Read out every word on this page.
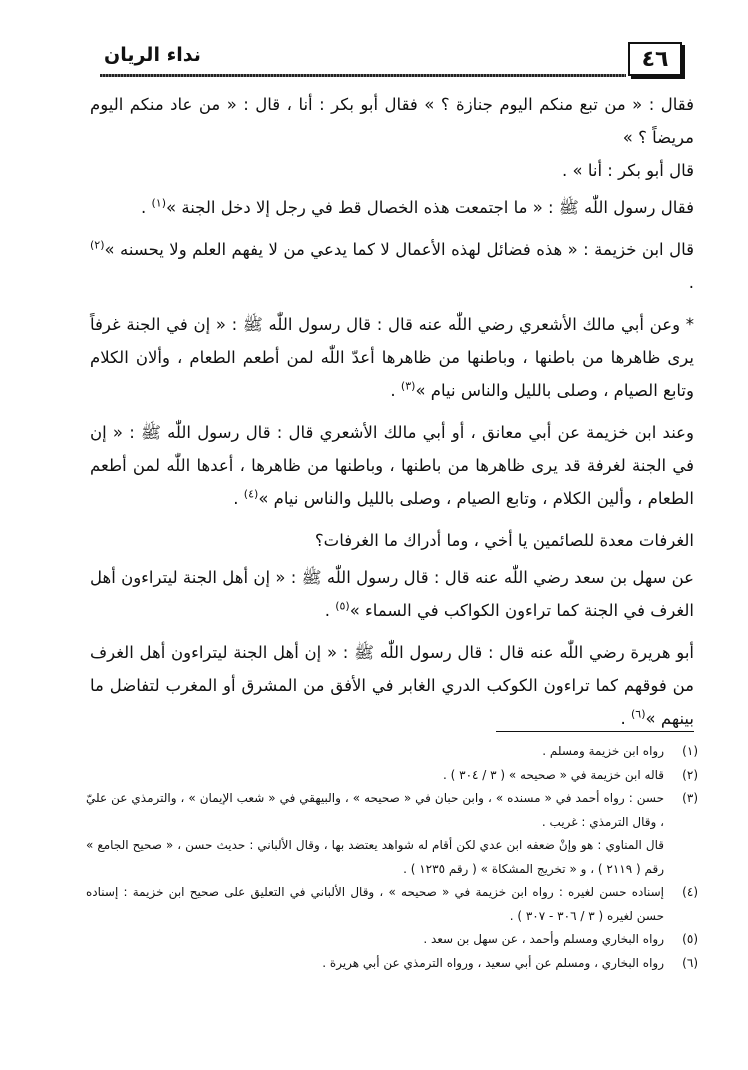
نداء الريان	٤٦

فقال : « من تبع منكم اليوم جنازة ؟ » فقال أبو بكر : أنا ، قال : « من عاد منكم اليوم مريضاً ؟ »
قال أبو بكر : أنا » .

فقال رسول اللّٰه ﷺ : « ما اجتمعت هذه الخصال قط في رجل إلا دخل الجنة »$^{(١)}$ .

قال ابن خزيمة : « هذه فضائل لهذه الأعمال لا كما يدعي من لا يفهم العلم ولا يحسنه »$^{(٢)}$ .

* وعن أبي مالك الأشعري رضي اللّٰه عنه قال : قال رسول اللّٰه ﷺ : « إن في الجنة غرفاً يرى ظاهرها من باطنها ، وباطنها من ظاهرها أعدّ اللّٰه لمن أطعم الطعام ، وألان الكلام وتابع الصيام ، وصلى بالليل والناس نيام »$^{(٣)}$ .

وعند ابن خزيمة عن أبي معانق ، أو أبي مالك الأشعري قال : قال رسول اللّٰه ﷺ : « إن في الجنة لغرفة قد يرى ظاهرها من باطنها ، وباطنها من ظاهرها ، أعدها اللّٰه لمن أطعم الطعام ، وألين الكلام ، وتابع الصيام ، وصلى بالليل والناس نيام »$^{(٤)}$ .

الغرفات معدة للصائمين يا أخي ، وما أدراك ما الغرفات؟

عن سهل بن سعد رضي اللّٰه عنه قال : قال رسول اللّٰه ﷺ : « إن أهل الجنة ليتراءون أهل الغرف في الجنة كما تراءون الكواكب في السماء »$^{(٥)}$ .

أبو هريرة رضي اللّٰه عنه قال : قال رسول اللّٰه ﷺ : « إن أهل الجنة ليتراءون أهل الغرف من فوقهم كما تراءون الكوكب الدري الغابر في الأفق من المشرق أو المغرب لتفاضل ما بينهم »$^{(٦)}$ .

(١)
رواه ابن خزيمة ومسلم .
(٢)
قاله ابن خزيمة في « صحيحه » ( ٣ / ٣٠٤ ) .
(٣)
حسن : رواه أحمد في « مسنده » ، وابن حبان في « صحيحه » ، والبيهقي في « شعب الإيمان » ، والترمذي عن عليّ ، وقال الترمذي : غريب .
قال المناوي : هو وإنْ ضعفه ابن عدي لكن أقام له شواهد يعتضد بها ، وقال الألباني : حديث حسن ، « صحيح الجامع » رقم ( ٢١١٩ ) ، و « تخريج المشكاة » ( رقم ١٢٣٥ ) .
(٤)
إسناده حسن لغيره : رواه ابن خزيمة في « صحيحه » ، وقال الألباني في التعليق على صحيح ابن خزيمة : إسناده حسن لغيره ( ٣ / ٣٠٦ - ٣٠٧ ) .
(٥)
رواه البخاري ومسلم وأحمد ، عن سهل بن سعد .
(٦)
رواه البخاري ، ومسلم عن أبي سعيد ، ورواه الترمذي عن أبي هريرة .
